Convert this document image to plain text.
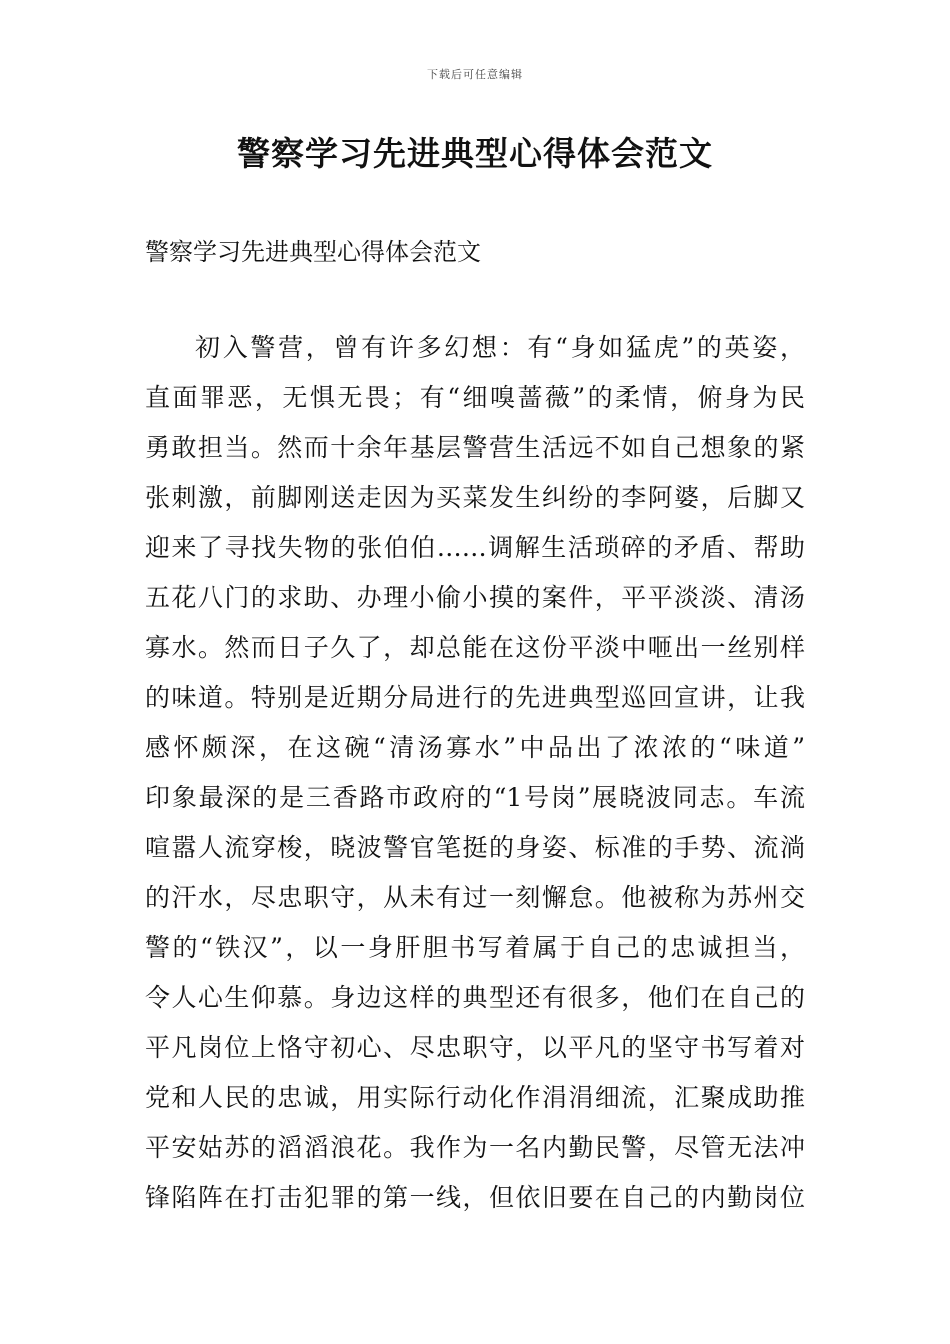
下载后可任意编辑
警察学习先进典型心得体会范文
警察学习先进典型心得体会范文
初入警营，曾有许多幻想：有“身如猛虎”的英姿，
直面罪恶，无惧无畏；有“细嗅蔷薇”的柔情，俯身为民
勇敢担当。然而十余年基层警营生活远不如自己想象的紧
张刺激，前脚刚送走因为买菜发生纠纷的李阿婆，后脚又
迎来了寻找失物的张伯伯……调解生活琐碎的矛盾、帮助
五花八门的求助、办理小偷小摸的案件，平平淡淡、清汤
寡水。然而日子久了，却总能在这份平淡中咂出一丝别样
的味道。特别是近期分局进行的先进典型巡回宣讲，让我
感怀颇深，在这碗“清汤寡水”中品出了浓浓的“味道”
印象最深的是三香路市政府的“1号岗”展晓波同志。车流
喧嚣人流穿梭，晓波警官笔挺的身姿、标准的手势、流淌
的汗水，尽忠职守，从未有过一刻懈怠。他被称为苏州交
警的“铁汉”，以一身肝胆书写着属于自己的忠诚担当，
令人心生仰慕。身边这样的典型还有很多，他们在自己的
平凡岗位上恪守初心、尽忠职守，以平凡的坚守书写着对
党和人民的忠诚，用实际行动化作涓涓细流，汇聚成助推
平安姑苏的滔滔浪花。我作为一名内勤民警，尽管无法冲
锋陷阵在打击犯罪的第一线，但依旧要在自己的内勤岗位
